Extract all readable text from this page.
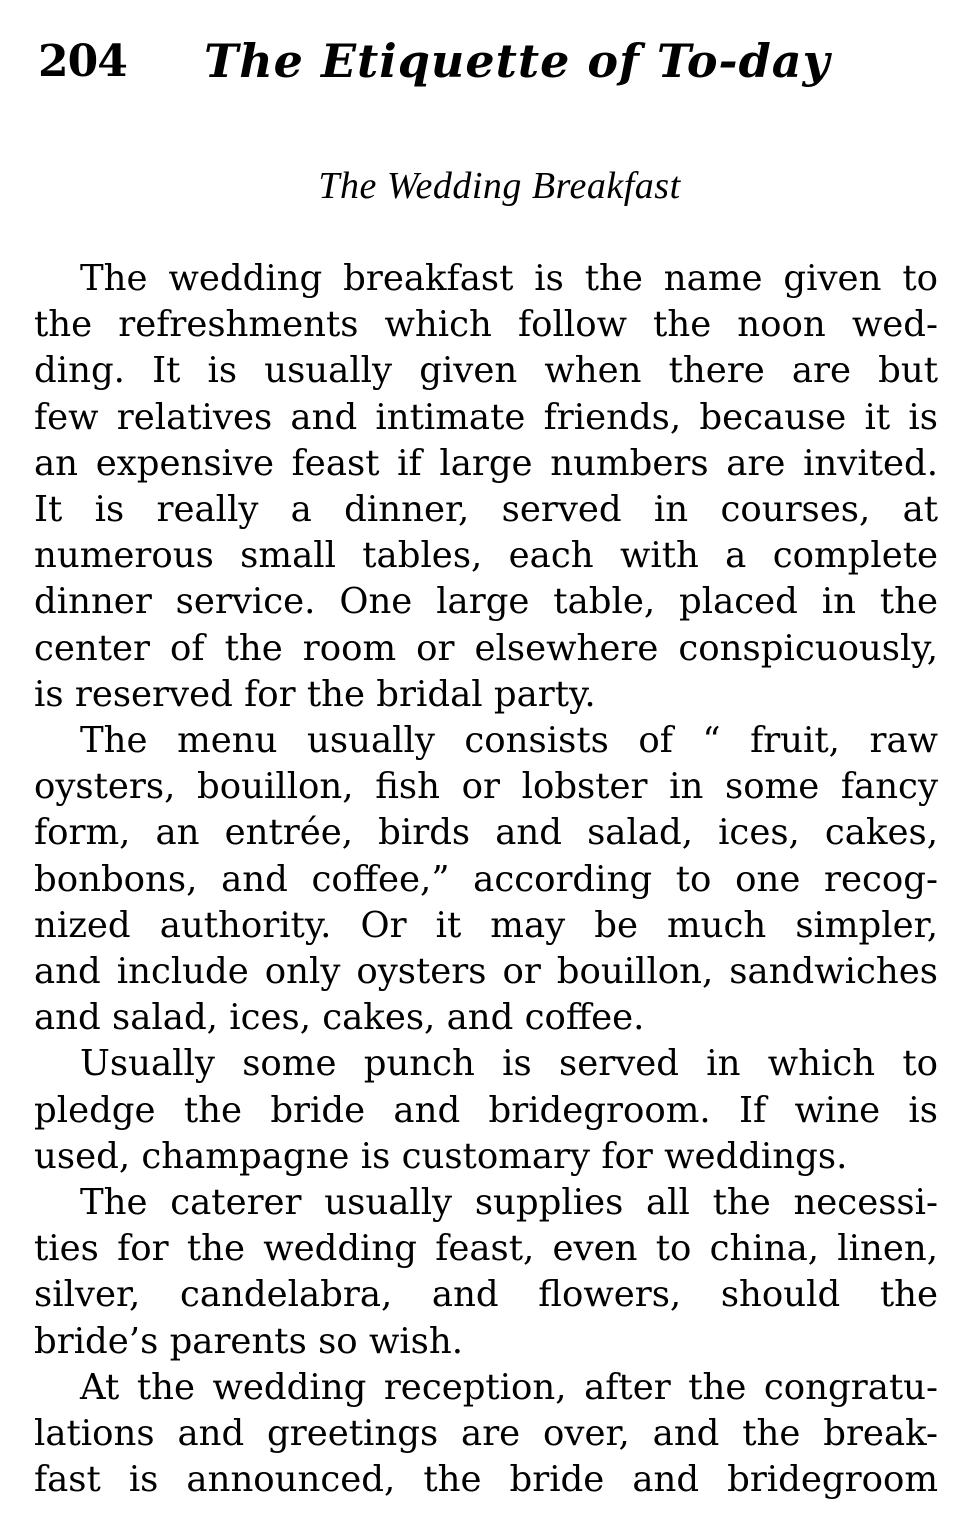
204 The Etiquette of To-day
The Wedding Breakfast
The wedding breakfast is the name given to
the refreshments which follow the noon wed-
ding. It is usually given when there are but
few relatives and intimate friends, because it is
an expensive feast if large numbers are invited.
It is really a dinner, served in courses, at
numerous small tables, each with a complete
dinner service. One large table, placed in the
center of the room or elsewhere conspicuously,
is reserved for the bridal party.
The menu usually consists of “ fruit, raw
oysters, bouillon, fish or lobster in some fancy
form, an entrée, birds and salad, ices, cakes,
bonbons, and coffee,” according to one recog-
nized authority. Or it may be much simpler,
and include only oysters or bouillon, sandwiches
and salad, ices, cakes, and coffee.
Usually some punch is served in which to
pledge the bride and bridegroom. If wine is
used, champagne is customary for weddings.
The caterer usually supplies all the necessi-
ties for the wedding feast, even to china, linen,
silver, candelabra, and flowers, should the
bride’s parents so wish.
At the wedding reception, after the congratu-
lations and greetings are over, and the break-
fast is announced, the bride and bridegroom
